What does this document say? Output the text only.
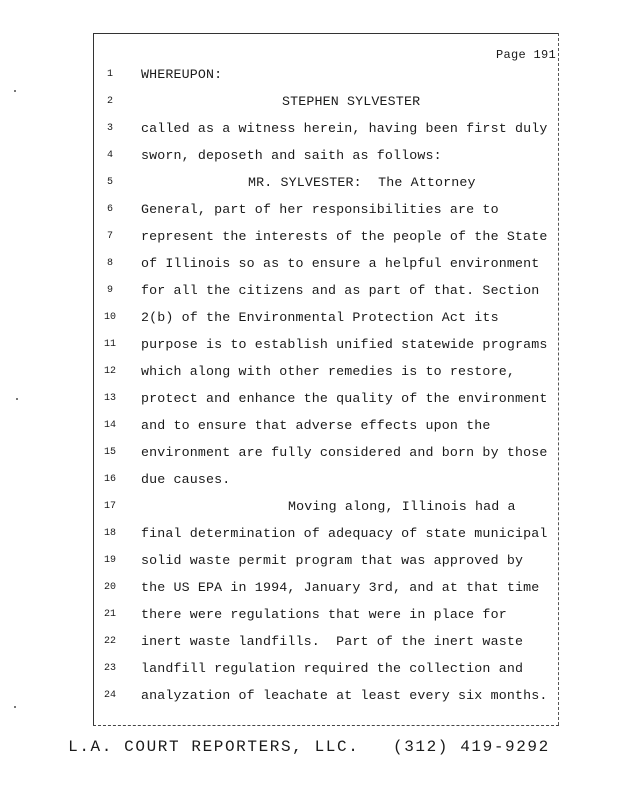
Page 191
1
2
3
4
5
6
7
8
9
10
11
12
13
14
15
16
17
18
19
20
21
22
23
24
WHEREUPON:
STEPHEN SYLVESTER
called as a witness herein, having been first duly
sworn, deposeth and saith as follows:
MR. SYLVESTER:  The Attorney
General, part of her responsibilities are to
represent the interests of the people of the State
of Illinois so as to ensure a helpful environment
for all the citizens and as part of that. Section
2(b) of the Environmental Protection Act its
purpose is to establish unified statewide programs
which along with other remedies is to restore,
protect and enhance the quality of the environment
and to ensure that adverse effects upon the
environment are fully considered and born by those
due causes.
Moving along, Illinois had a
final determination of adequacy of state municipal
solid waste permit program that was approved by
the US EPA in 1994, January 3rd, and at that time
there were regulations that were in place for
inert waste landfills.  Part of the inert waste
landfill regulation required the collection and
analyzation of leachate at least every six months.
L.A. COURT REPORTERS, LLC.   (312) 419-9292
